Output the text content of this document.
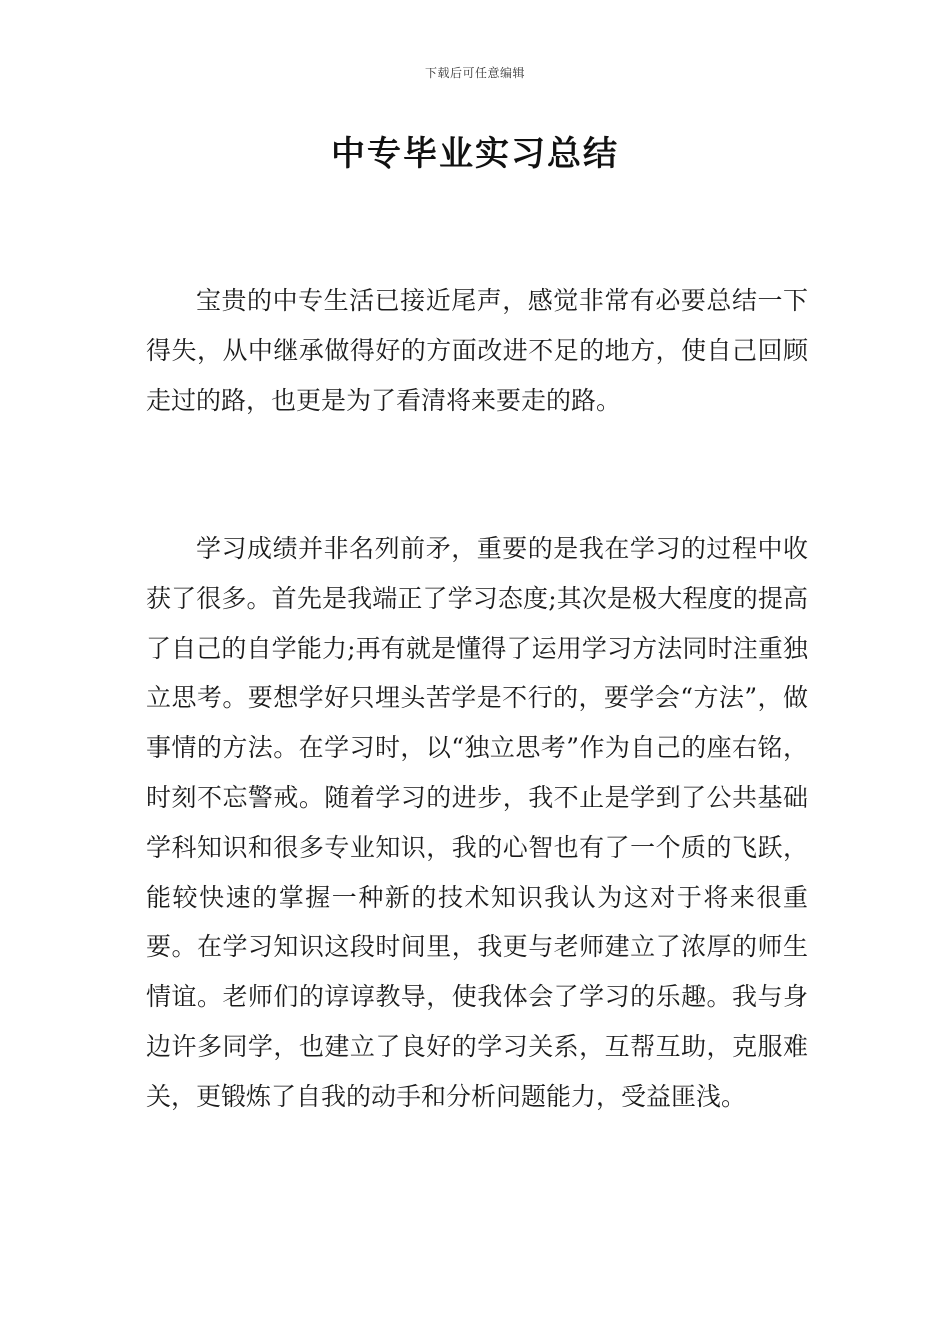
下载后可任意编辑
中专毕业实习总结

宝贵的中专生活已接近尾声，感觉非常有必要总结一下得失，从中继承做得好的方面改进不足的地方，使自己回顾走过的路，也更是为了看清将来要走的路。

学习成绩并非名列前矛，重要的是我在学习的过程中收获了很多。首先是我端正了学习态度;其次是极大程度的提高了自己的自学能力;再有就是懂得了运用学习方法同时注重独立思考。要想学好只埋头苦学是不行的，要学会“方法”，做事情的方法。在学习时，以“独立思考”作为自己的座右铭，时刻不忘警戒。随着学习的进步，我不止是学到了公共基础学科知识和很多专业知识，我的心智也有了一个质的飞跃，能较快速的掌握一种新的技术知识我认为这对于将来很重要。在学习知识这段时间里，我更与老师建立了浓厚的师生情谊。老师们的谆谆教导，使我体会了学习的乐趣。我与身边许多同学，也建立了良好的学习关系，互帮互助，克服难关，更锻炼了自我的动手和分析问题能力，受益匪浅。
